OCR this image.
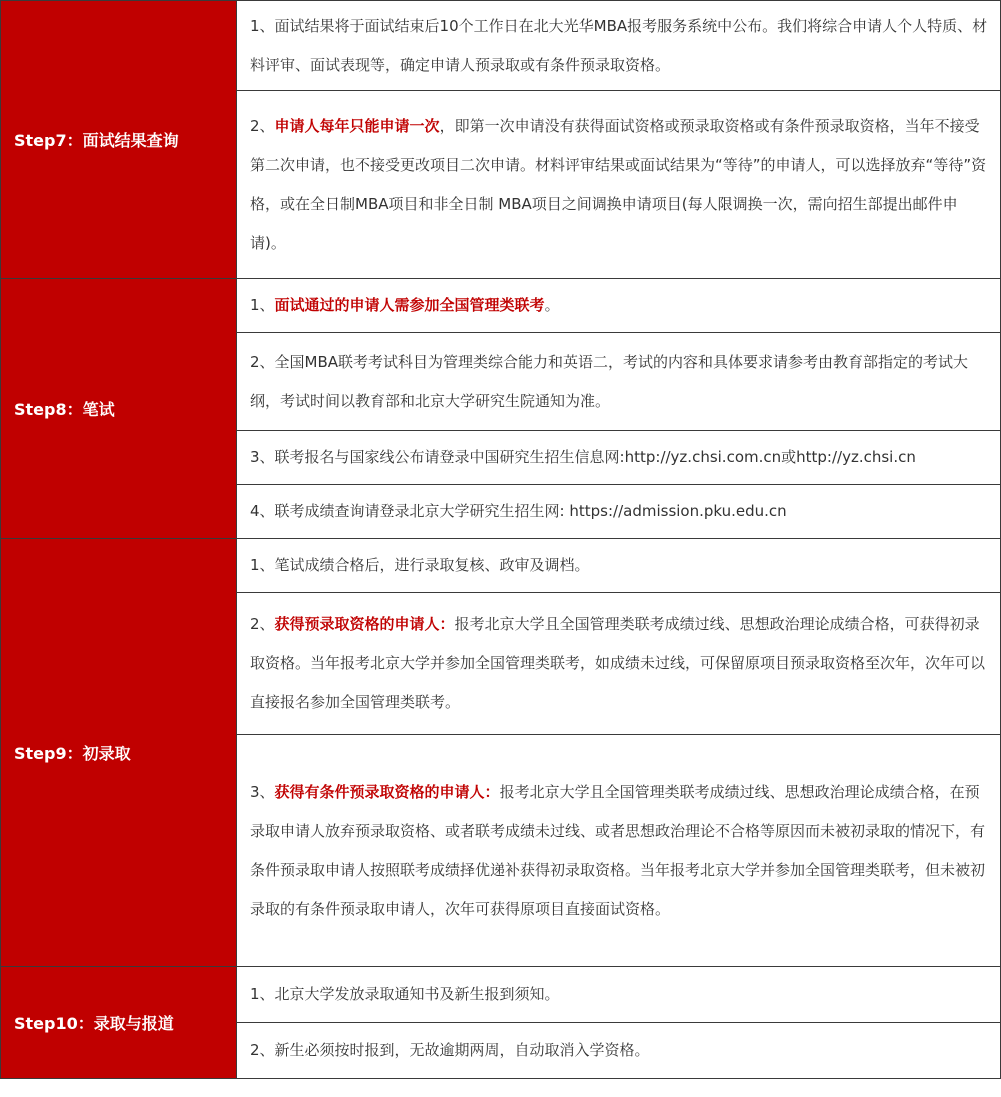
Step7：面试结果查询	1、面试结果将于面试结束后10个工作日在北大光华MBA报考服务系统中公布。我们将综合申请人个人特质、材料评审、面试表现等，确定申请人预录取或有条件预录取资格。
	2、申请人每年只能申请一次，即第一次申请没有获得面试资格或预录取资格或有条件预录取资格，当年不接受第二次申请，也不接受更改项目二次申请。材料评审结果或面试结果为“等待”的申请人，可以选择放弃“等待”资格，或在全日制MBA项目和非全日制 MBA项目之间调换申请项目(每人限调换一次，需向招生部提出邮件申请)。
Step8：笔试	1、面试通过的申请人需参加全国管理类联考。
	2、全国MBA联考考试科目为管理类综合能力和英语二，考试的内容和具体要求请参考由教育部指定的考试大纲，考试时间以教育部和北京大学研究生院通知为准。
	3、联考报名与国家线公布请登录中国研究生招生信息网:http://yz.chsi.com.cn或http://yz.chsi.cn
	4、联考成绩查询请登录北京大学研究生招生网: https://admission.pku.edu.cn
Step9：初录取	1、笔试成绩合格后，进行录取复核、政审及调档。
	2、获得预录取资格的申请人：报考北京大学且全国管理类联考成绩过线、思想政治理论成绩合格，可获得初录取资格。当年报考北京大学并参加全国管理类联考，如成绩未过线，可保留原项目预录取资格至次年，次年可以直接报名参加全国管理类联考。
	3、获得有条件预录取资格的申请人：报考北京大学且全国管理类联考成绩过线、思想政治理论成绩合格，在预录取申请人放弃预录取资格、或者联考成绩未过线、或者思想政治理论不合格等原因而未被初录取的情况下，有条件预录取申请人按照联考成绩择优递补获得初录取资格。当年报考北京大学并参加全国管理类联考，但未被初录取的有条件预录取申请人，次年可获得原项目直接面试资格。
Step10：录取与报道	1、北京大学发放录取通知书及新生报到须知。
	2、新生必须按时报到，无故逾期两周，自动取消入学资格。
